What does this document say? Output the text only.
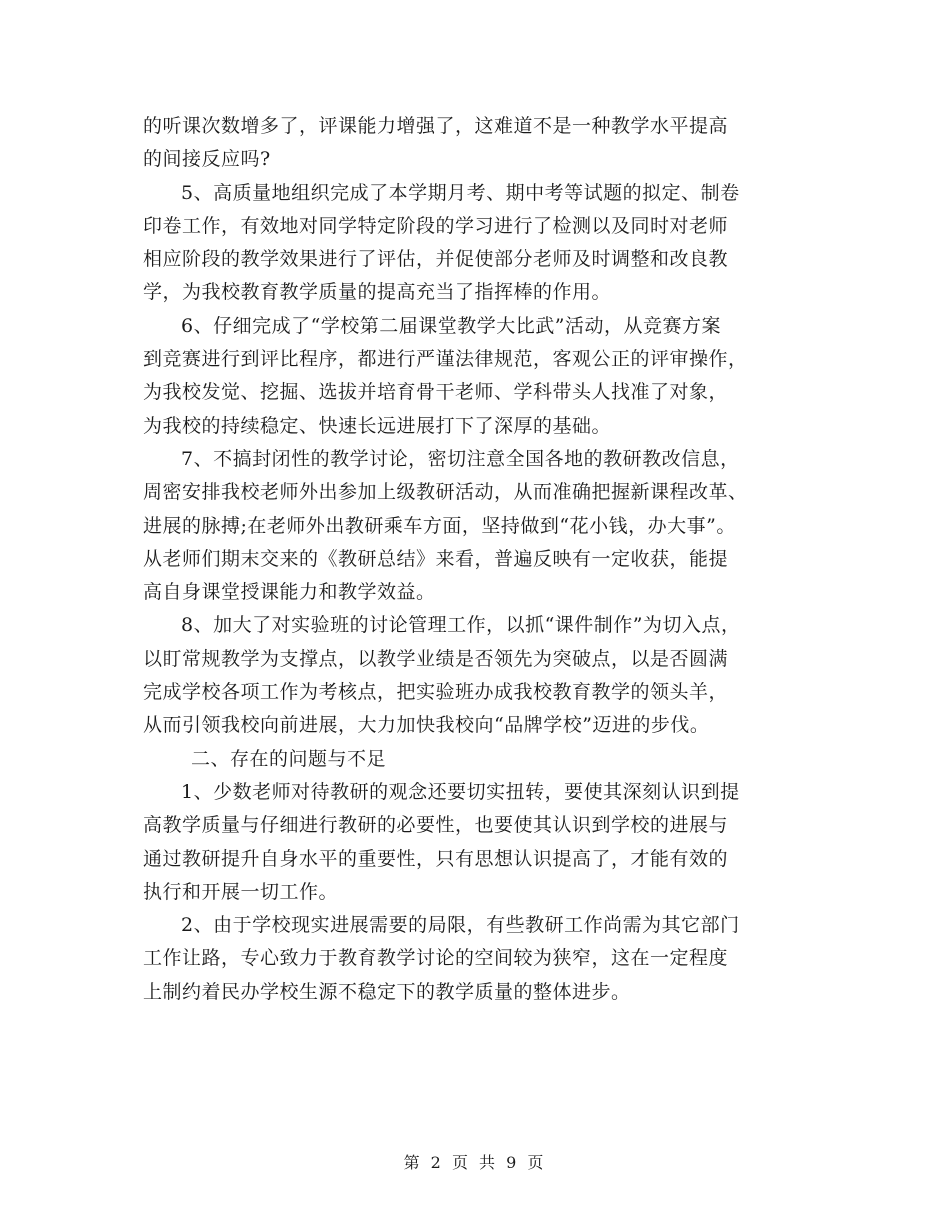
的听课次数增多了，评课能力增强了，这难道不是一种教学水平提高
的间接反应吗?
5、高质量地组织完成了本学期月考、期中考等试题的拟定、制卷
印卷工作，有效地对同学特定阶段的学习进行了检测以及同时对老师
相应阶段的教学效果进行了评估，并促使部分老师及时调整和改良教
学，为我校教育教学质量的提高充当了指挥棒的作用。
6、仔细完成了“学校第二届课堂教学大比武”活动，从竞赛方案
到竞赛进行到评比程序，都进行严谨法律规范，客观公正的评审操作，
为我校发觉、挖掘、选拔并培育骨干老师、学科带头人找准了对象，
为我校的持续稳定、快速长远进展打下了深厚的基础。
7、不搞封闭性的教学讨论，密切注意全国各地的教研教改信息，
周密安排我校老师外出参加上级教研活动，从而准确把握新课程改革、
进展的脉搏;在老师外出教研乘车方面，坚持做到“花小钱，办大事”。
从老师们期末交来的《教研总结》来看，普遍反映有一定收获，能提
高自身课堂授课能力和教学效益。
8、加大了对实验班的讨论管理工作，以抓“课件制作”为切入点，
以盯常规教学为支撑点，以教学业绩是否领先为突破点，以是否圆满
完成学校各项工作为考核点，把实验班办成我校教育教学的领头羊，
从而引领我校向前进展，大力加快我校向“品牌学校”迈进的步伐。
二、存在的问题与不足
1、少数老师对待教研的观念还要切实扭转，要使其深刻认识到提
高教学质量与仔细进行教研的必要性，也要使其认识到学校的进展与
通过教研提升自身水平的重要性，只有思想认识提高了，才能有效的
执行和开展一切工作。
2、由于学校现实进展需要的局限，有些教研工作尚需为其它部门
工作让路，专心致力于教育教学讨论的空间较为狭窄，这在一定程度
上制约着民办学校生源不稳定下的教学质量的整体进步。
第 2 页 共 9 页
